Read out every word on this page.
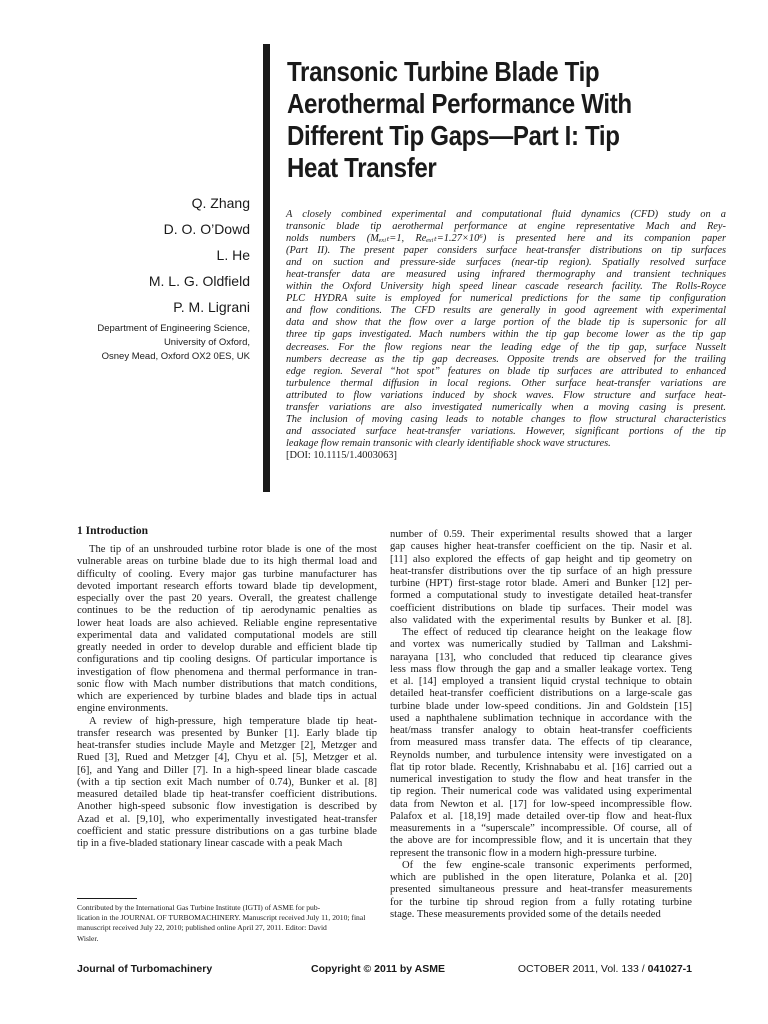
Transonic Turbine Blade Tip
Aerothermal Performance With
Different Tip Gaps—Part I: Tip
Heat Transfer
Q. Zhang
D. O. O’Dowd
L. He
M. L. G. Oldfield
P. M. Ligrani
Department of Engineering Science,
University of Oxford,
Osney Mead, Oxford OX2 0ES, UK
A closely combined experimental and computational fluid dynamics (CFD) study on a
transonic blade tip aerothermal performance at engine representative Mach and Rey-
nolds numbers (Mₑₓᵢₜ=1, Reₑₓᵢₜ=1.27×10⁶) is presented here and its companion paper
(Part II). The present paper considers surface heat-transfer distributions on tip surfaces
and on suction and pressure-side surfaces (near-tip region). Spatially resolved surface
heat-transfer data are measured using infrared thermography and transient techniques
within the Oxford University high speed linear cascade research facility. The Rolls-Royce
PLC HYDRA suite is employed for numerical predictions for the same tip configuration
and flow conditions. The CFD results are generally in good agreement with experimental
data and show that the flow over a large portion of the blade tip is supersonic for all
three tip gaps investigated. Mach numbers within the tip gap become lower as the tip gap
decreases. For the flow regions near the leading edge of the tip gap, surface Nusselt
numbers decrease as the tip gap decreases. Opposite trends are observed for the trailing
edge region. Several “hot spot” features on blade tip surfaces are attributed to enhanced
turbulence thermal diffusion in local regions. Other surface heat-transfer variations are
attributed to flow variations induced by shock waves. Flow structure and surface heat-
transfer variations are also investigated numerically when a moving casing is present.
The inclusion of moving casing leads to notable changes to flow structural characteristics
and associated surface heat-transfer variations. However, significant portions of the tip
leakage flow remain transonic with clearly identifiable shock wave structures.
[DOI: 10.1115/1.4003063]
1 Introduction
The tip of an unshrouded turbine rotor blade is one of the most
vulnerable areas on turbine blade due to its high thermal load and
difficulty of cooling. Every major gas turbine manufacturer has
devoted important research efforts toward blade tip development,
especially over the past 20 years. Overall, the greatest challenge
continues to be the reduction of tip aerodynamic penalties as
lower heat loads are also achieved. Reliable engine representative
experimental data and validated computational models are still
greatly needed in order to develop durable and efficient blade tip
configurations and tip cooling designs. Of particular importance is
investigation of flow phenomena and thermal performance in tran-
sonic flow with Mach number distributions that match conditions,
which are experienced by turbine blades and blade tips in actual
engine environments.
A review of high-pressure, high temperature blade tip heat-
transfer research was presented by Bunker [1]. Early blade tip
heat-transfer studies include Mayle and Metzger [2], Metzger and
Rued [3], Rued and Metzger [4], Chyu et al. [5], Metzger et al.
[6], and Yang and Diller [7]. In a high-speed linear blade cascade
(with a tip section exit Mach number of 0.74), Bunker et al. [8]
measured detailed blade tip heat-transfer coefficient distributions.
Another high-speed subsonic flow investigation is described by
Azad et al. [9,10], who experimentally investigated heat-transfer
coefficient and static pressure distributions on a gas turbine blade
tip in a five-bladed stationary linear cascade with a peak Mach
number of 0.59. Their experimental results showed that a larger
gap causes higher heat-transfer coefficient on the tip. Nasir et al.
[11] also explored the effects of gap height and tip geometry on
heat-transfer distributions over the tip surface of an high pressure
turbine (HPT) first-stage rotor blade. Ameri and Bunker [12] per-
formed a computational study to investigate detailed heat-transfer
coefficient distributions on blade tip surfaces. Their model was
also validated with the experimental results by Bunker et al. [8].
The effect of reduced tip clearance height on the leakage flow
and vortex was numerically studied by Tallman and Lakshmi-
narayana [13], who concluded that reduced tip clearance gives
less mass flow through the gap and a smaller leakage vortex. Teng
et al. [14] employed a transient liquid crystal technique to obtain
detailed heat-transfer coefficient distributions on a large-scale gas
turbine blade under low-speed conditions. Jin and Goldstein [15]
used a naphthalene sublimation technique in accordance with the
heat/mass transfer analogy to obtain heat-transfer coefficients
from measured mass transfer data. The effects of tip clearance,
Reynolds number, and turbulence intensity were investigated on a
flat tip rotor blade. Recently, Krishnababu et al. [16] carried out a
numerical investigation to study the flow and heat transfer in the
tip region. Their numerical code was validated using experimental
data from Newton et al. [17] for low-speed incompressible flow.
Palafox et al. [18,19] made detailed over-tip flow and heat-flux
measurements in a “superscale” incompressible. Of course, all of
the above are for incompressible flow, and it is uncertain that they
represent the transonic flow in a modern high-pressure turbine.
Of the few engine-scale transonic experiments performed,
which are published in the open literature, Polanka et al. [20]
presented simultaneous pressure and heat-transfer measurements
for the turbine tip shroud region from a fully rotating turbine
stage. These measurements provided some of the details needed
Contributed by the International Gas Turbine Institute (IGTI) of ASME for pub-
lication in the JOURNAL OF TURBOMACHINERY. Manuscript received July 11, 2010; final
manuscript received July 22, 2010; published online April 27, 2011. Editor: David
Wisler.
Journal of Turbomachinery	Copyright © 2011 by ASME	OCTOBER 2011, Vol. 133 / 041027-1
